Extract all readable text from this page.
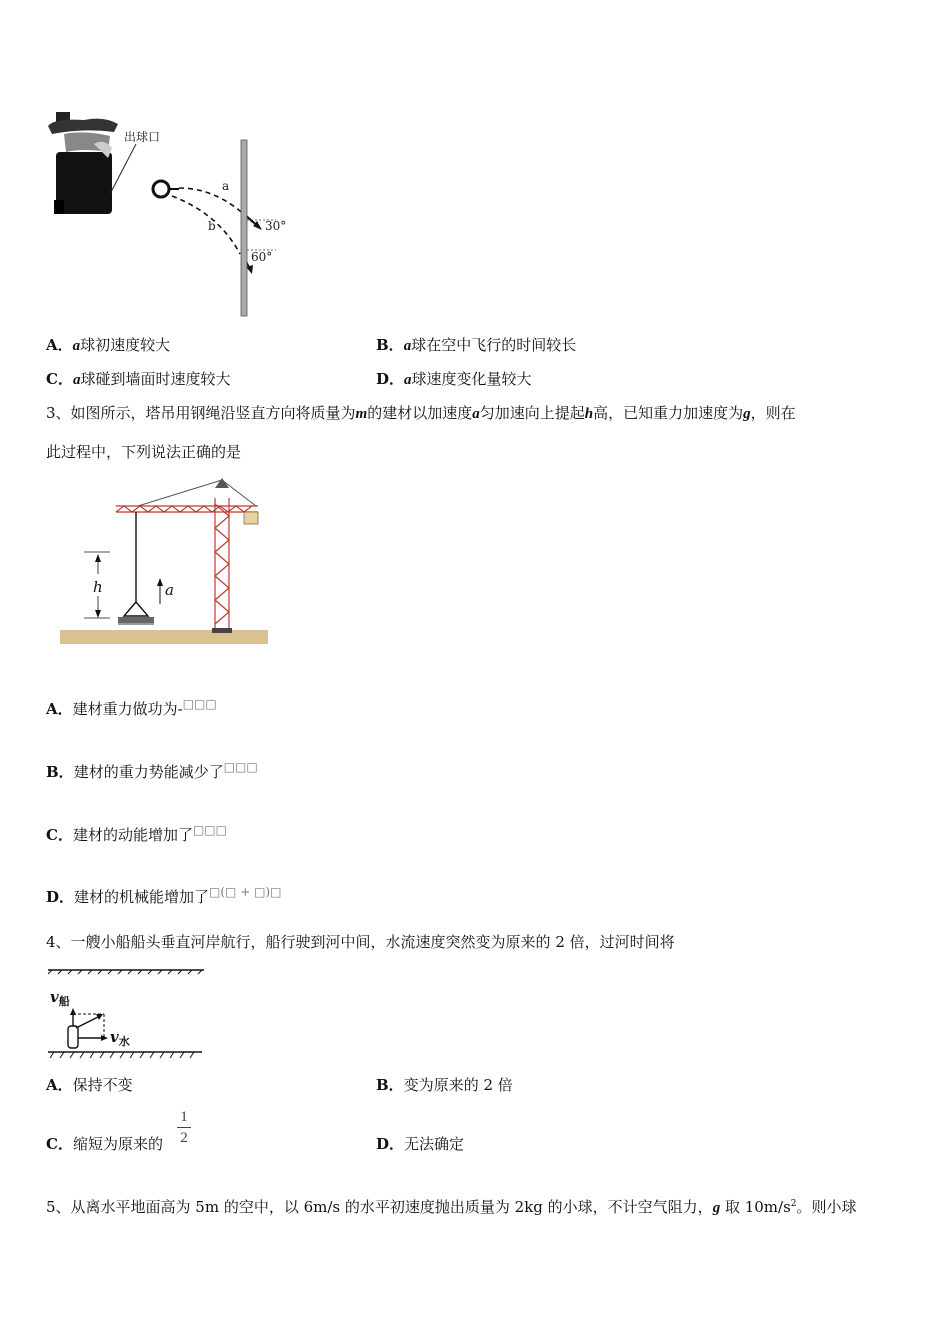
出球口
a
b	30°
60°
A．a球初速度较大	B．a球在空中飞行的时间较长
C．a球碰到墙面时速度较大	D．a球速度变化量较大
3、如图所示，塔吊用钢绳沿竖直方向将质量为m的建材以加速度a匀加速向上提起h高，已知重力加速度为g，则在
此过程中，下列说法正确的是
h	a
A．建材重力做功为-□□□
B．建材的重力势能减少了□□□
C．建材的动能增加了□□□
D．建材的机械能增加了□(□ + □)□
4、一艘小船船头垂直河岸航行，船行驶到河中间，水流速度突然变为原来的 2 倍，过河时间将
$v_船$
$v_水$
A．保持不变	B．变为原来的 2 倍
C．缩短为原来的
1
2	D．无法确定
5、从离水平地面高为 5m 的空中，以 6m/s 的水平初速度抛出质量为 2kg 的小球，不计空气阻力，g 取 $10m/s^2$。则小球
